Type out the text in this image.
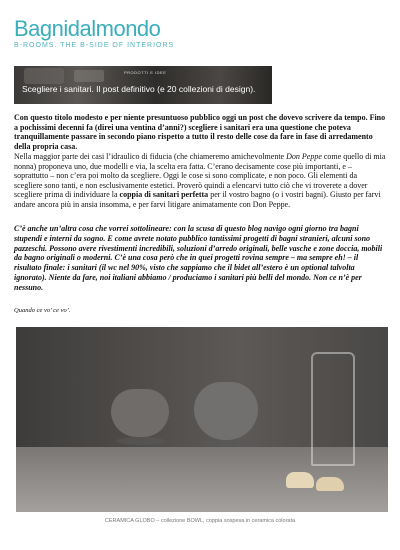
Bagnidalmondo
B-ROOMS. THE B-SIDE OF INTERIORS
PRODOTTI E IDEE
Scegliere i sanitari. Il post definitivo (e 20 collezioni di design).
Con questo titolo modesto e per niente presuntuoso pubblico oggi un post che dovevo scrivere da tempo. Fino a pochissimi decenni fa (direi una ventina d’anni?) scegliere i sanitari era una questione che poteva tranquillamente passare in secondo piano rispetto a tutto il resto delle cose da fare in fase di arredamento della propria casa.
Nella maggior parte dei casi l’idraulico di fiducia (che chiameremo amichevolmente Don Peppe come quello di mia nonna) proponeva uno, due modelli e via, la scelta era fatta. C’erano decisamente cose più importanti, e – soprattutto – non c’era poi molto da scegliere. Oggi le cose si sono complicate, e non poco. Gli elementi da scegliere sono tanti, e non esclusivamente estetici. Proverò quindi a elencarvi tutto ciò che vi troverete a dover scegliere prima di individuare la coppia di sanitari perfetta per il vostro bagno (o i vostri bagni). Giusto per farvi andare ancora più in ansia insomma, e per farvi litigare animatamente con Don Peppe.
C’è anche un’altra cosa che vorrei sottolineare: con la scusa di questo blog navigo ogni giorno tra bagni stupendi e interni da sogno. E come avrete notato pubblico tantissimi progetti di bagni stranieri, alcuni sono pazzeschi. Possono avere rivestimenti incredibili, soluzioni d’arredo originali, belle vasche e zone doccia, mobili da bagno originali o moderni. C’è una cosa però che in quei progetti rovina sempre – ma sempre eh! – il risultato finale: i sanitari (il wc nel 90%, visto che sappiamo che il bidet all’estero è un optional talvolta ignorato). Niente da fare, noi italiani abbiamo / produciamo i sanitari più belli del mondo. Non ce n’è per nessuno.
Quando ce vo’ ce vo’.
CERAMICA GLOBO – collezione BOWL, coppia sospesa in ceramica colorata
